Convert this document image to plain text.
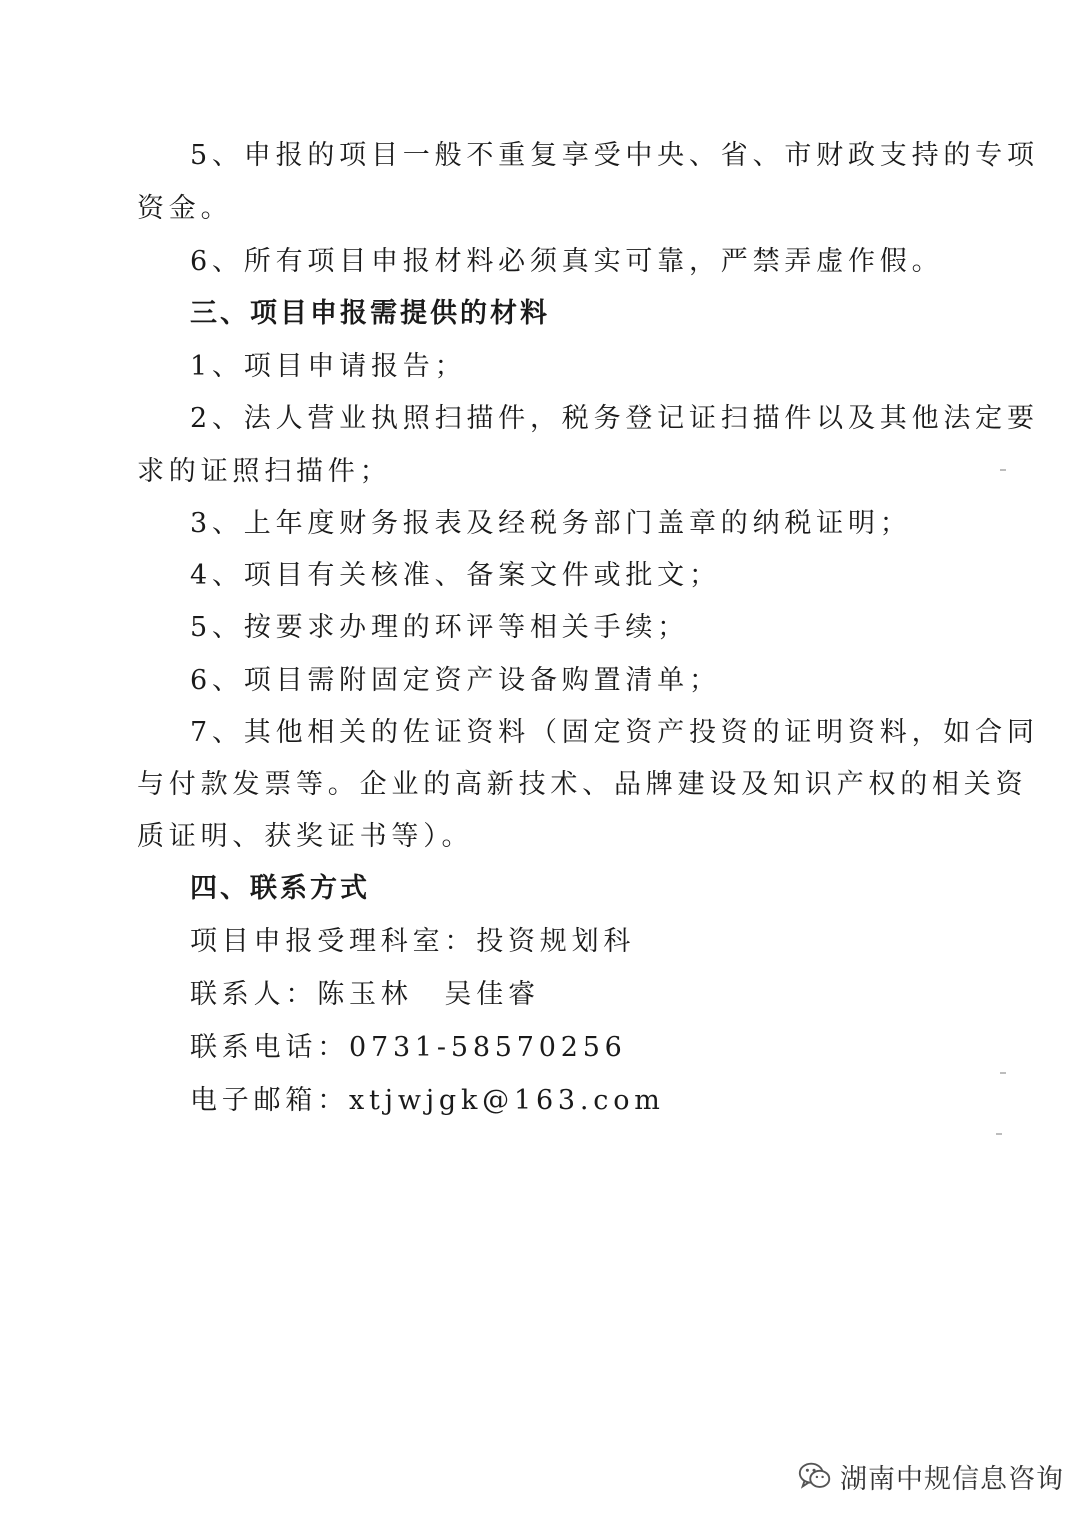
5、申报的项目一般不重复享受中央、省、市财政支持的专项

资金。

6、所有项目申报材料必须真实可靠，严禁弄虚作假。

三、项目申报需提供的材料

1、项目申请报告；

2、法人营业执照扫描件，税务登记证扫描件以及其他法定要

求的证照扫描件；

3、上年度财务报表及经税务部门盖章的纳税证明；

4、项目有关核准、备案文件或批文；

5、按要求办理的环评等相关手续；

6、项目需附固定资产设备购置清单；

7、其他相关的佐证资料（固定资产投资的证明资料，如合同

与付款发票等。企业的高新技术、品牌建设及知识产权的相关资

质证明、获奖证书等）。

四、联系方式

项目申报受理科室：投资规划科

联系人：陈玉林　吴佳睿

联系电话：0731-58570256

电子邮箱：xtjwjgk@163.com

湖南中规信息咨询
